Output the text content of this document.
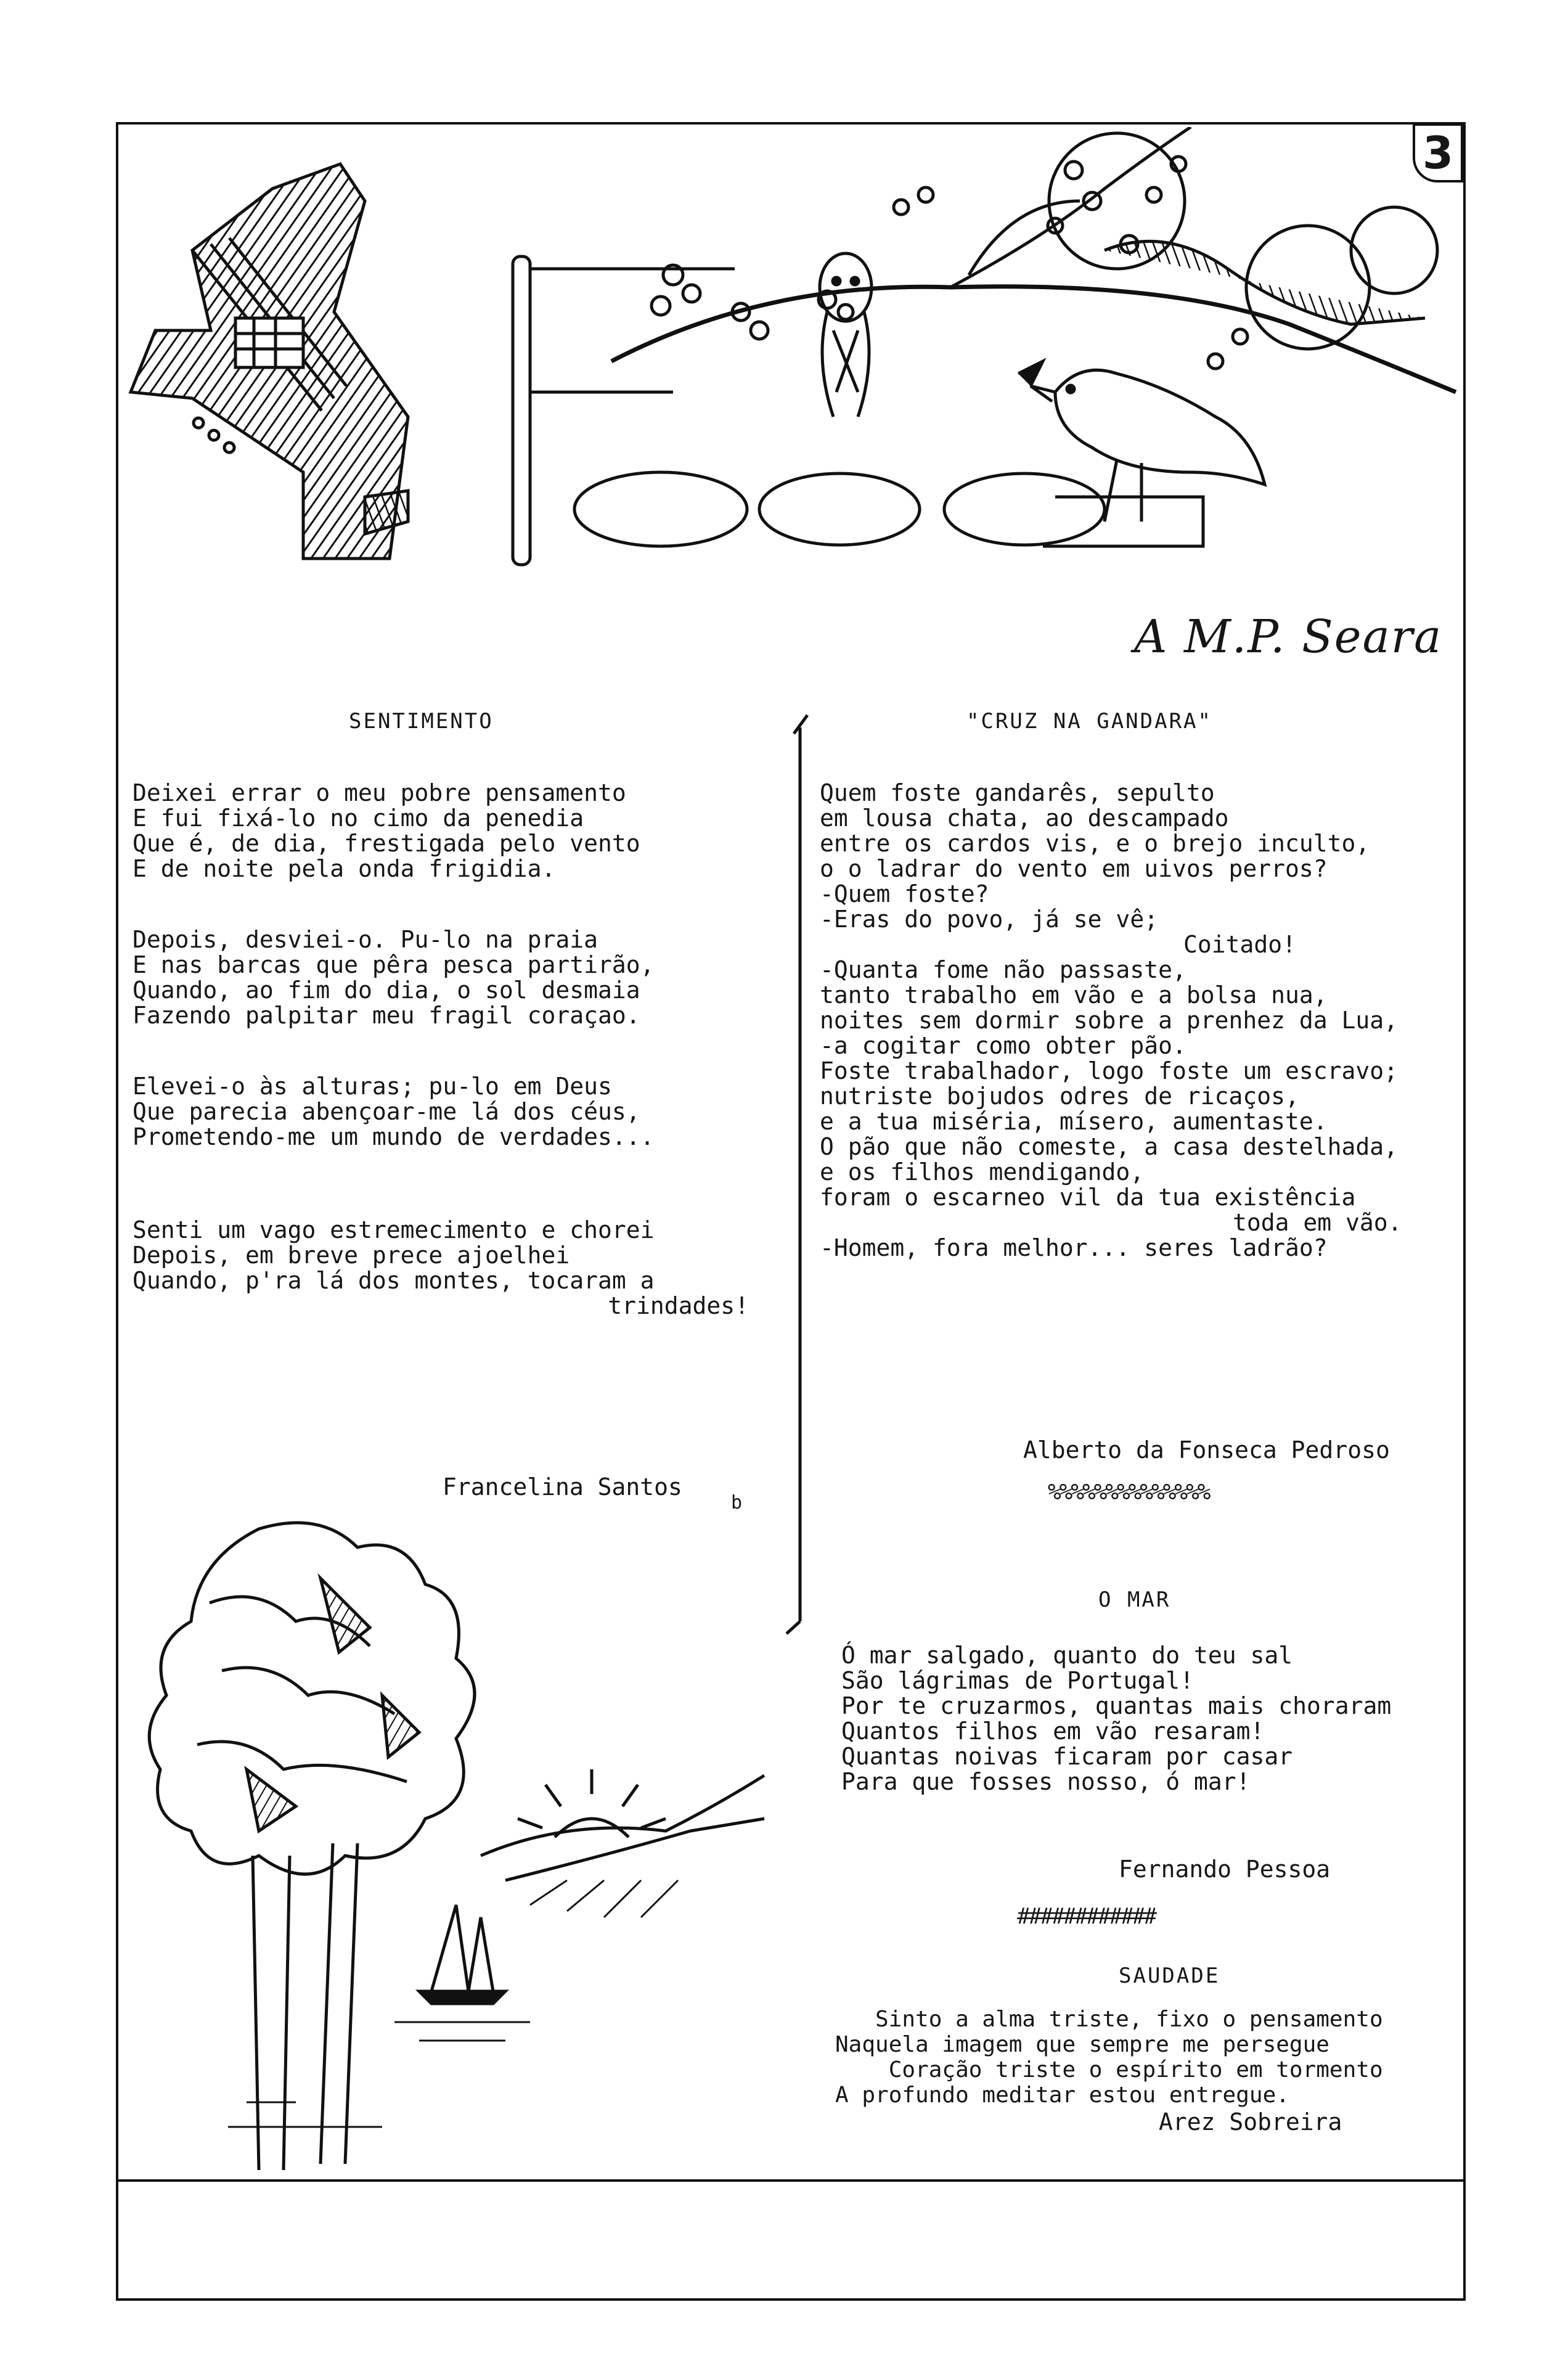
3
A M.P. Seara
SENTIMENTO
Deixei errar o meu pobre pensamento
E fui fixá-lo no cimo da penedia
Que é, de dia, frestigada pelo vento
E de noite pela onda frigidia.
Depois, desviei-o. Pu-lo na praia
E nas barcas que pêra pesca partirão,
Quando, ao fim do dia, o sol desmaia
Fazendo palpitar meu fragil coraçao.
Elevei-o às alturas; pu-lo em Deus
Que parecia abençoar-me lá dos céus,
Prometendo-me um mundo de verdades...
Senti um vago estremecimento e chorei
Depois, em breve prece ajoelhei
Quando, p'ra lá dos montes, tocaram a
trindades!
Francelina Santos
b
"CRUZ NA GANDARA"
Quem foste gandarês, sepulto
em lousa chata, ao descampado
entre os cardos vis, e o brejo inculto,
o o ladrar do vento em uivos perros?
-Quem foste?
-Eras do povo, já se vê;
Coitado!
-Quanta fome não passaste,
tanto trabalho em vão e a bolsa nua,
noites sem dormir sobre a prenhez da Lua,
-a cogitar como obter pão.
Foste trabalhador, logo foste um escravo;
nutriste bojudos odres de ricaços,
e a tua miséria, mísero, aumentaste.
O pão que não comeste, a casa destelhada,
e os filhos mendigando,
foram o escarneo vil da tua existência
toda em vão.
-Homem, fora melhor... seres ladrão?
Alberto da Fonseca Pedroso
%%%%%%%%%%%%%%
O MAR
Ó mar salgado, quanto do teu sal
São lágrimas de Portugal!
Por te cruzarmos, quantas mais choraram
Quantos filhos em vão resaram!
Quantas noivas ficaram por casar
Para que fosses nosso, ó mar!
Fernando Pessoa
############
SAUDADE
Sinto a alma triste, fixo o pensamento
Naquela imagem que sempre me persegue
Coração triste o espírito em tormento
A profundo meditar estou entregue.
Arez Sobreira
